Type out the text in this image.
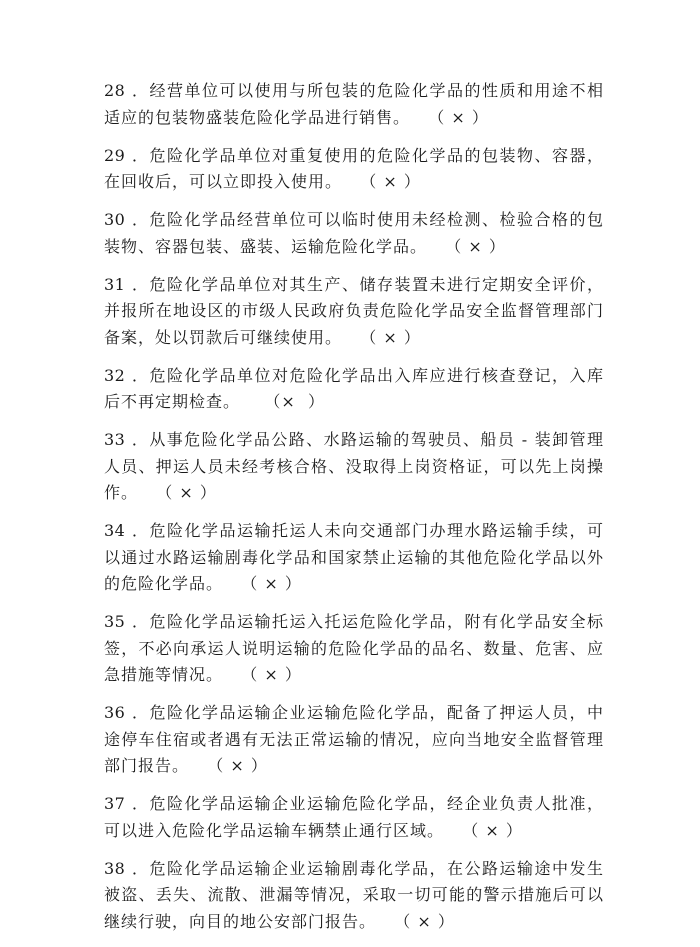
28 ．经营单位可以使用与所包装的危险化学品的性质和用途不相适应的包装物盛装危险化学品进行销售。   （ × ）

29 ．危险化学品单位对重复使用的危险化学品的包装物、容器，在回收后，可以立即投入使用。   （ × ）

30 ．危险化学品经营单位可以临时使用未经检测、检验合格的包装物、容器包装、盛装、运输危险化学品。   （ × ）

31 ．危险化学品单位对其生产、储存装置未进行定期安全评价，并报所在地设区的市级人民政府负责危险化学品安全监督管理部门备案，处以罚款后可继续使用。   （ × ）

32 ．危险化学品单位对危险化学品出入库应进行核查登记，入库后不再定期检查。    （×  ）

33 ．从事危险化学品公路、水路运输的驾驶员、船员 - 装卸管理人员、押运人员未经考核合格、没取得上岗资格证，可以先上岗操作。   （ × ）

34 ．危险化学品运输托运人未向交通部门办理水路运输手续，可以通过水路运输剧毒化学品和国家禁止运输的其他危险化学品以外的危险化学品。   （ × ）

35 ．危险化学品运输托运入托运危险化学品，附有化学品安全标签，不必向承运人说明运输的危险化学品的品名、数量、危害、应急措施等情况。   （ × ）

36 ．危险化学品运输企业运输危险化学品，配备了押运人员，中途停车住宿或者遇有无法正常运输的情况，应向当地安全监督管理部门报告。   （ × ）

37 ．危险化学品运输企业运输危险化学品，经企业负责人批准，可以进入危险化学品运输车辆禁止通行区域。   （ × ）

38 ．危险化学品运输企业运输剧毒化学品，在公路运输途中发生被盗、丢失、流散、泄漏等情况，采取一切可能的警示措施后可以继续行驶，向目的地公安部门报告。   （ × ）
